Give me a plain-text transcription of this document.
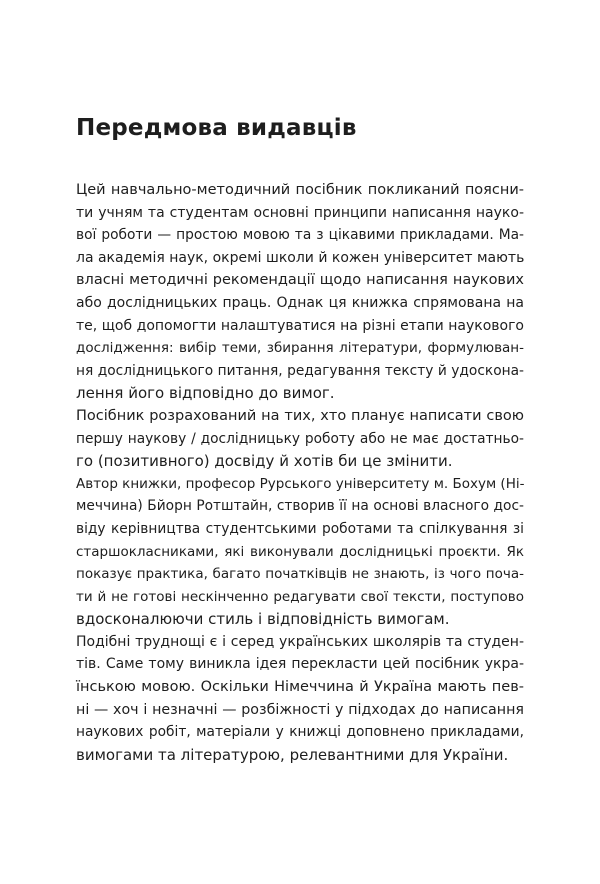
Передмова видавців
Цей навчально-методичний посібник покликаний поясни-
ти учням та студентам основні принципи написання науко-
вої роботи — простою мовою та з цікавими прикладами. Ма-
ла академія наук, окремі школи й кожен університет мають
власні методичні рекомендації щодо написання наукових
або дослідницьких праць. Однак ця книжка спрямована на
те, щоб допомогти налаштуватися на різні етапи наукового
дослідження: вибір теми, збирання літератури, формулюван-
ня дослідницького питання, редагування тексту й удоскона-
лення його відповідно до вимог.
Посібник розрахований на тих, хто планує написати свою
першу наукову / дослідницьку роботу або не має достатньо-
го (позитивного) досвіду й хотів би це змінити.
Автор книжки, професор Рурського університету м. Бохум (Ні-
меччина) Бйорн Ротштайн, створив її на основі власного дос-
віду керівництва студентськими роботами та спілкування зі
старшокласниками, які виконували дослідницькі проєкти. Як
показує практика, багато початківців не знають, із чого поча-
ти й не готові нескінченно редагувати свої тексти, поступово
вдосконалюючи стиль і відповідність вимогам.
Подібні труднощі є і серед українських школярів та студен-
тів. Саме тому виникла ідея перекласти цей посібник укра-
їнською мовою. Оскільки Німеччина й Україна мають пев-
ні — хоч і незначні — розбіжності у підходах до написання
наукових робіт, матеріали у книжці доповнено прикладами,
вимогами та літературою, релевантними для України.
